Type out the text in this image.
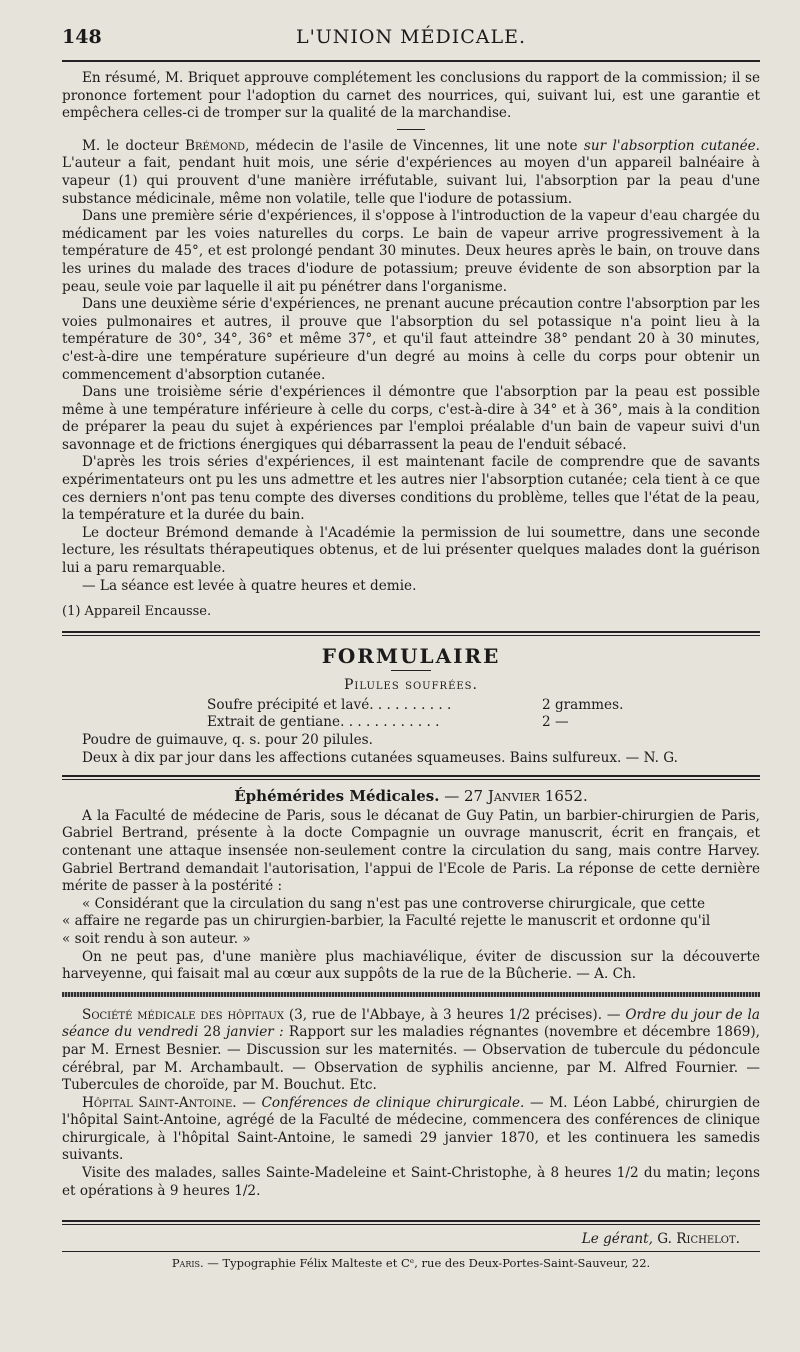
148	L'UNION MÉDICALE.

En résumé, M. Briquet approuve complétement les conclusions du rapport de la commission; il se prononce fortement pour l'adoption du carnet des nourrices, qui, suivant lui, est une garantie et empêchera celles-ci de tromper sur la qualité de la marchandise.

M. le docteur Brémond, médecin de l'asile de Vincennes, lit une note sur l'absorption cutanée. L'auteur a fait, pendant huit mois, une série d'expériences au moyen d'un appareil balnéaire à vapeur (1) qui prouvent d'une manière irréfutable, suivant lui, l'absorption par la peau d'une substance médicinale, même non volatile, telle que l'iodure de potassium.

Dans une première série d'expériences, il s'oppose à l'introduction de la vapeur d'eau chargée du médicament par les voies naturelles du corps. Le bain de vapeur arrive progressivement à la température de 45°, et est prolongé pendant 30 minutes. Deux heures après le bain, on trouve dans les urines du malade des traces d'iodure de potassium; preuve évidente de son absorption par la peau, seule voie par laquelle il ait pu pénétrer dans l'organisme.

Dans une deuxième série d'expériences, ne prenant aucune précaution contre l'absorption par les voies pulmonaires et autres, il prouve que l'absorption du sel potassique n'a point lieu à la température de 30°, 34°, 36° et même 37°, et qu'il faut atteindre 38° pendant 20 à 30 minutes, c'est-à-dire une température supérieure d'un degré au moins à celle du corps pour obtenir un commencement d'absorption cutanée.

Dans une troisième série d'expériences il démontre que l'absorption par la peau est possible même à une température inférieure à celle du corps, c'est-à-dire à 34° et à 36°, mais à la condition de préparer la peau du sujet à expériences par l'emploi préalable d'un bain de vapeur suivi d'un savonnage et de frictions énergiques qui débarrassent la peau de l'enduit sébacé.

D'après les trois séries d'expériences, il est maintenant facile de comprendre que de savants expérimentateurs ont pu les uns admettre et les autres nier l'absorption cutanée; cela tient à ce que ces derniers n'ont pas tenu compte des diverses conditions du problème, telles que l'état de la peau, la température et la durée du bain.

Le docteur Brémond demande à l'Académie la permission de lui soumettre, dans une seconde lecture, les résultats thérapeutiques obtenus, et de lui présenter quelques malades dont la guérison lui a paru remarquable.

— La séance est levée à quatre heures et demie.

(1) Appareil Encausse.
FORMULAIRE
Pilules soufrées.
Soufre précipité et lavé. . . . . . . . . .	2 grammes.
Extrait de gentiane. . . . . . . . . . . .	2 —

Poudre de guimauve, q. s. pour 20 pilules.

Deux à dix par jour dans les affections cutanées squameuses. Bains sulfureux. — N. G.

Éphémérides Médicales. — 27 Janvier 1652.

A la Faculté de médecine de Paris, sous le décanat de Guy Patin, un barbier-chirurgien de Paris, Gabriel Bertrand, présente à la docte Compagnie un ouvrage manuscrit, écrit en français, et contenant une attaque insensée non-seulement contre la circulation du sang, mais contre Harvey. Gabriel Bertrand demandait l'autorisation, l'appui de l'Ecole de Paris. La réponse de cette dernière mérite de passer à la postérité :

« Considérant que la circulation du sang n'est pas une controverse chirurgicale, que cette

« affaire ne regarde pas un chirurgien-barbier, la Faculté rejette le manuscrit et ordonne qu'il

« soit rendu à son auteur. »

On ne peut pas, d'une manière plus machiavélique, éviter de discussion sur la découverte harveyenne, qui faisait mal au cœur aux suppôts de la rue de la Bûcherie. — A. Ch.

Société médicale des hôpitaux (3, rue de l'Abbaye, à 3 heures 1/2 précises). — Ordre du jour de la séance du vendredi 28 janvier : Rapport sur les maladies régnantes (novembre et décembre 1869), par M. Ernest Besnier. — Discussion sur les maternités. — Observation de tubercule du pédoncule cérébral, par M. Archambault. — Observation de syphilis ancienne, par M. Alfred Fournier. — Tubercules de choroïde, par M. Bouchut. Etc.

Hôpital Saint-Antoine. — Conférences de clinique chirurgicale. — M. Léon Labbé, chirurgien de l'hôpital Saint-Antoine, agrégé de la Faculté de médecine, commencera des conférences de clinique chirurgicale, à l'hôpital Saint-Antoine, le samedi 29 janvier 1870, et les continuera les samedis suivants.

Visite des malades, salles Sainte-Madeleine et Saint-Christophe, à 8 heures 1/2 du matin; leçons et opérations à 9 heures 1/2.

Le gérant, G. Richelot.
Paris. — Typographie Félix Malteste et Cᵉ, rue des Deux-Portes-Saint-Sauveur, 22.
